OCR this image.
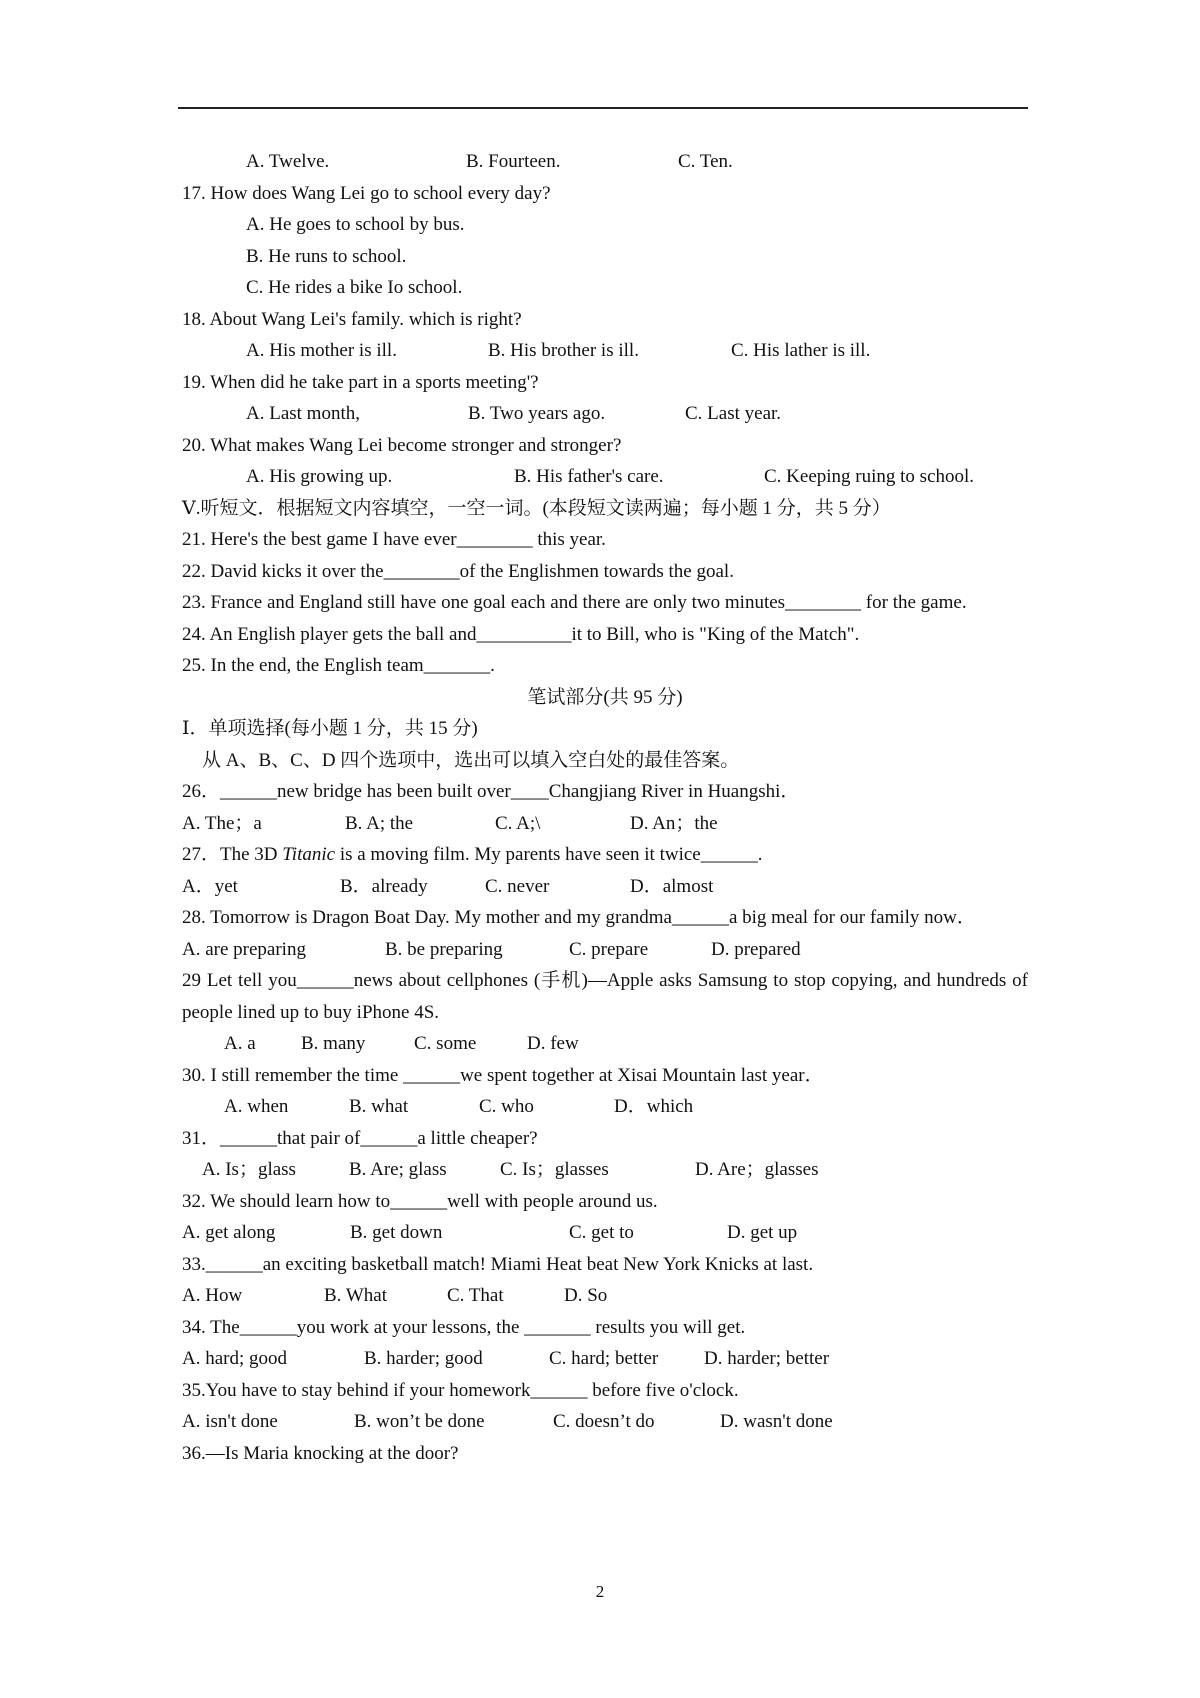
A. Twelve.	B. Fourteen.	C. Ten.
17. How does Wang Lei go to school every day?
A. He goes to school by bus.
B. He runs to school.
C. He rides a bike Io school.
18. About Wang Lei's family. which is right?
A. His mother is ill.	B. His brother is ill.	C. His lather is ill.
19. When did he take part in a sports meeting'?
A. Last month,	B. Two years ago.	C. Last year.
20. What makes Wang Lei become stronger and stronger?
A. His growing up.	B. His father's care.	C. Keeping ruing to school.
Ⅴ.听短文．根据短文内容填空，一空一词。(本段短文读两遍；每小题 1 分，共 5 分）
21. Here's the best game I have ever________ this year.
22. David kicks it over the________of the Englishmen towards the goal.
23. France and England still have one goal each and there are only two minutes________ for the game.
24. An English player gets the ball and__________it to Bill, who is "King of the Match".
25. In the end, the English team_______.
笔试部分(共 95 分)
Ⅰ．单项选择(每小题 1 分，共 15 分)
从 A、B、C、D 四个选项中，选出可以填入空白处的最佳答案。
26．______new bridge has been built over____Changjiang River in Huangshi．
A. The；a	B. A; the	C. A;\	D. An；the
27．The 3D Titanic is a moving film. My parents have seen it twice______.
A．yet	B．already	C. never	D．almost
28. Tomorrow is Dragon Boat Day. My mother and my grandma______a big meal for our family now．
A. are preparing	B. be preparing	C. prepare	D. prepared
29 Let tell you______news about cellphones (手机)—Apple asks Samsung to stop copying, and hundreds of people lined up to buy iPhone 4S.
A. a	B. many	C. some	D. few
30. I still remember the time ______we spent together at Xisai Mountain last year．
A. when	B. what	C. who	D．which
31．______that pair of______a little cheaper?
A. Is；glass	B. Are; glass	C. Is；glasses	D. Are；glasses
32. We should learn how to______well with people around us.
A. get along	B. get down	C. get to	D. get up
33.______an exciting basketball match! Miami Heat beat New York Knicks at last.
A. How	B. What	C. That	D. So
34. The______you work at your lessons, the _______ results you will get.
A. hard; good	B. harder; good	C. hard; better	D. harder; better
35.You have to stay behind if your homework______ before five o'clock.
A. isn't done	B. won’t be done	C. doesn’t do	D. wasn't done
36.—Is Maria knocking at the door?
2
